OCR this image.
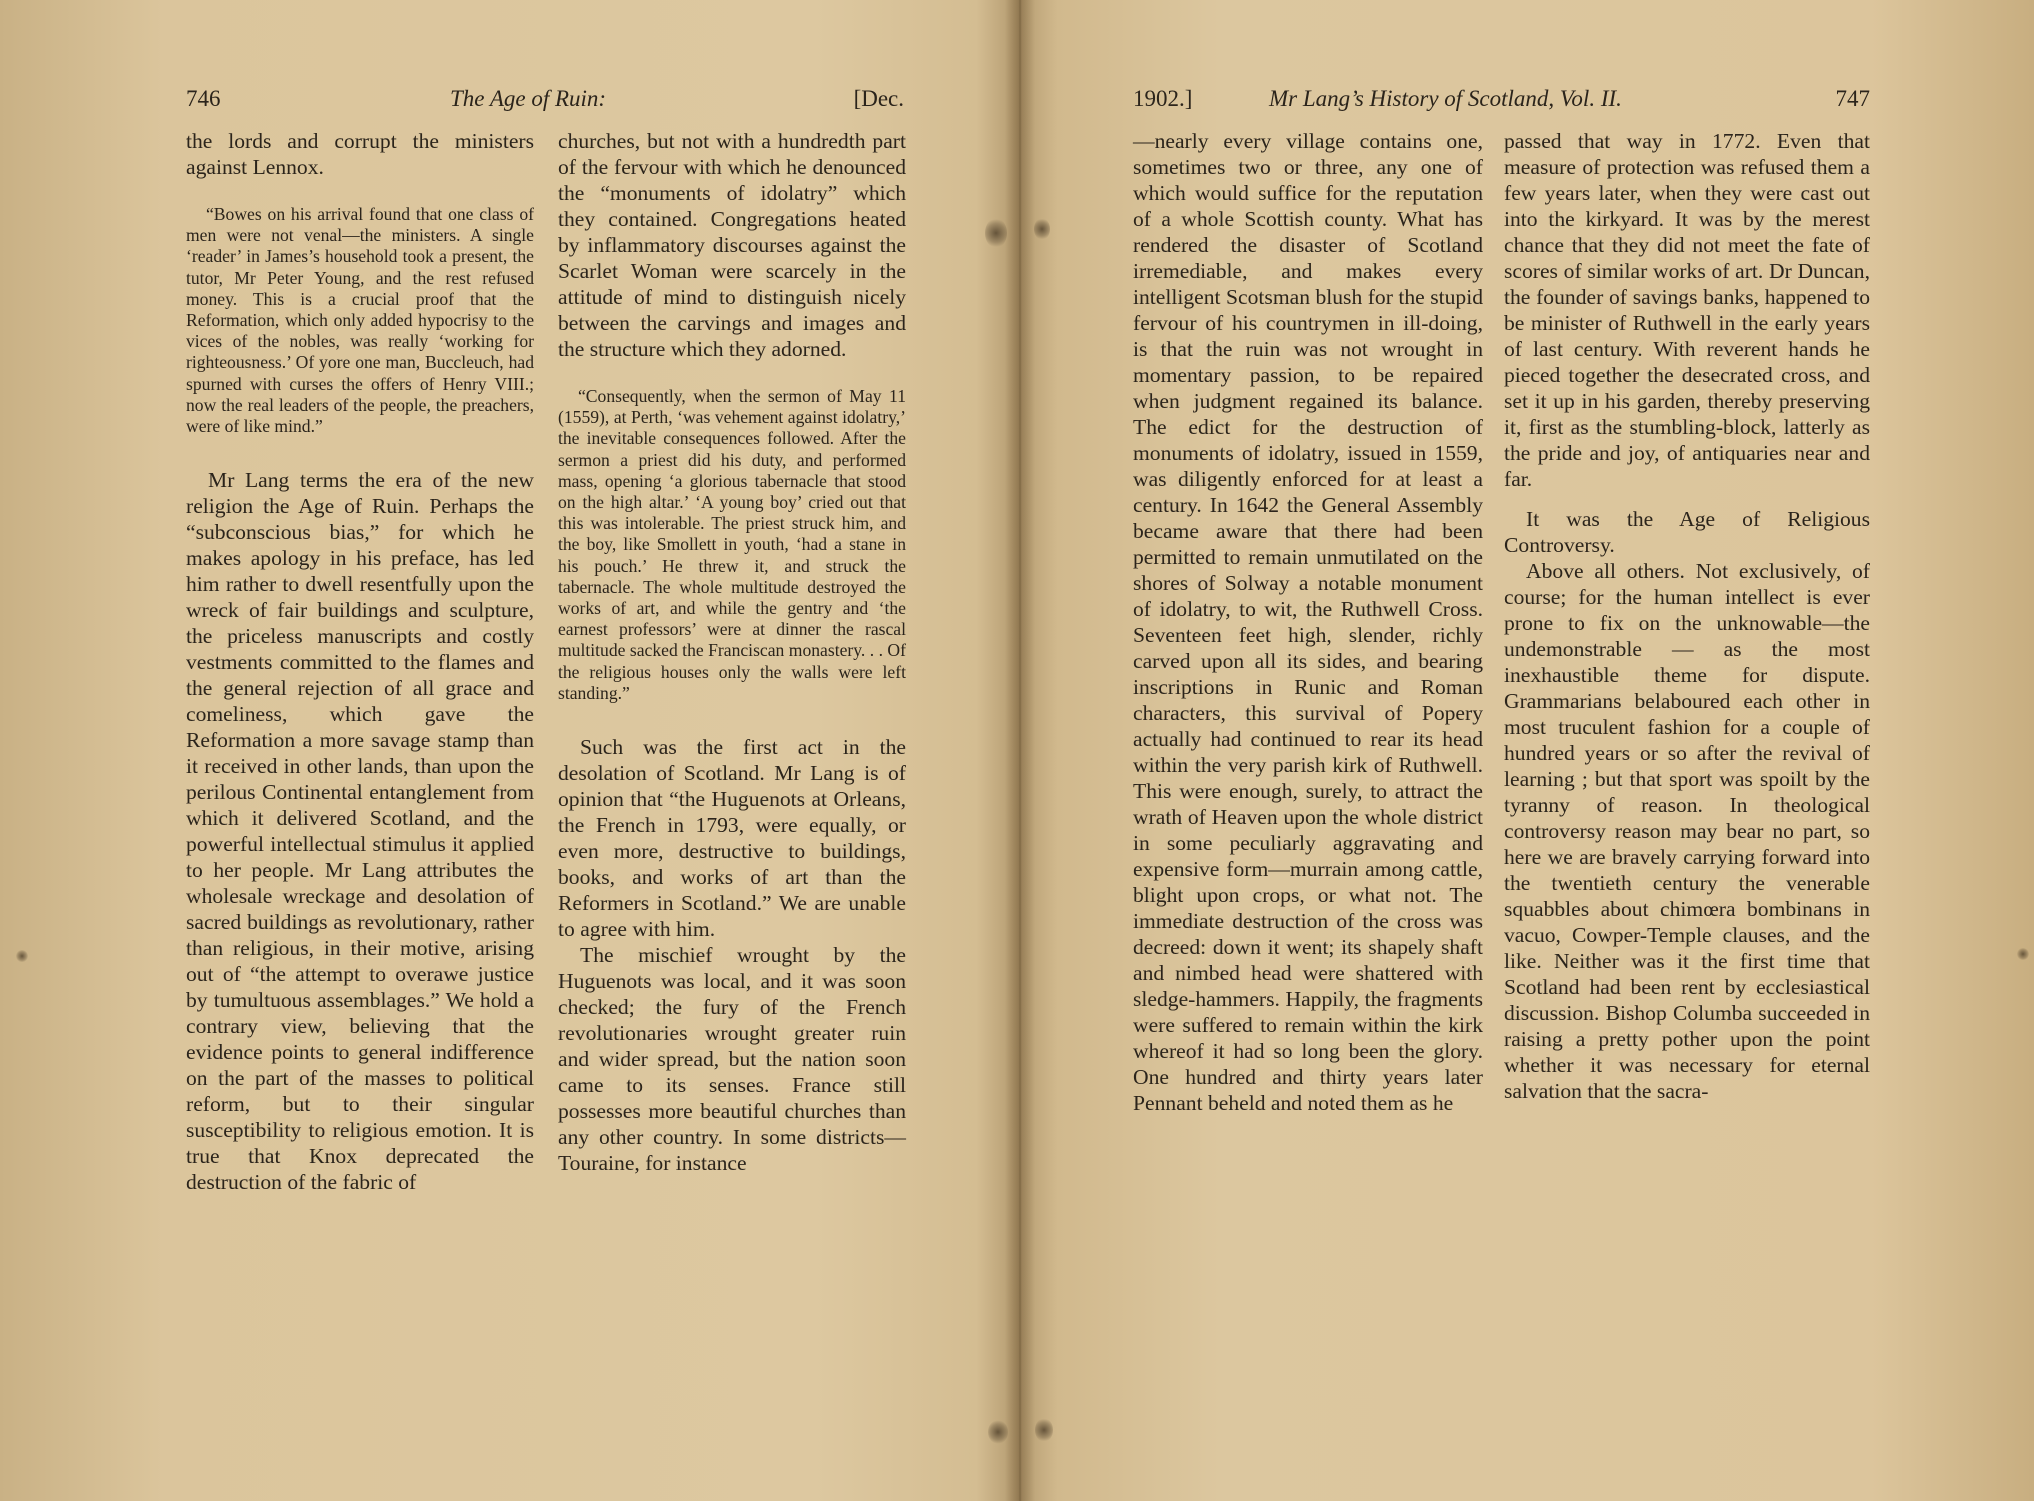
746	The Age of Ruin:	[Dec.

the lords and corrupt the ministers against Lennox.

“Bowes on his arrival found that one class of men were not venal—the ministers. A single ‘reader’ in James’s household took a present, the tutor, Mr Peter Young, and the rest refused money. This is a crucial proof that the Reformation, which only added hypocrisy to the vices of the nobles, was really ‘working for righteousness.’ Of yore one man, Buccleuch, had spurned with curses the offers of Henry VIII.; now the real leaders of the people, the preachers, were of like mind.”

Mr Lang terms the era of the new religion the Age of Ruin. Perhaps the “subconscious bias,” for which he makes apology in his preface, has led him rather to dwell resentfully upon the wreck of fair buildings and sculpture, the priceless manuscripts and costly vestments committed to the flames and the general rejection of all grace and comeliness, which gave the Reformation a more savage stamp than it received in other lands, than upon the perilous Continental entanglement from which it delivered Scotland, and the powerful intellectual stimulus it applied to her people. Mr Lang attributes the wholesale wreckage and desolation of sacred buildings as revolutionary, rather than religious, in their motive, arising out of “the attempt to overawe justice by tumultuous assemblages.” We hold a contrary view, believing that the evidence points to general indifference on the part of the masses to political reform, but to their singular susceptibility to religious emotion. It is true that Knox deprecated the destruction of the fabric of

churches, but not with a hundredth part of the fervour with which he denounced the “monuments of idolatry” which they contained. Congregations heated by inflammatory discourses against the Scarlet Woman were scarcely in the attitude of mind to distinguish nicely between the carvings and images and the structure which they adorned.

“Consequently, when the sermon of May 11 (1559), at Perth, ‘was vehement against idolatry,’ the inevitable consequences followed. After the sermon a priest did his duty, and performed mass, opening ‘a glorious tabernacle that stood on the high altar.’ ‘A young boy’ cried out that this was intolerable. The priest struck him, and the boy, like Smollett in youth, ‘had a stane in his pouch.’ He threw it, and struck the tabernacle. The whole multitude destroyed the works of art, and while the gentry and ‘the earnest professors’ were at dinner the rascal multitude sacked the Franciscan monastery. . . Of the religious houses only the walls were left standing.”

Such was the first act in the desolation of Scotland. Mr Lang is of opinion that “the Huguenots at Orleans, the French in 1793, were equally, or even more, destructive to buildings, books, and works of art than the Reformers in Scotland.” We are unable to agree with him.

The mischief wrought by the Huguenots was local, and it was soon checked; the fury of the French revolutionaries wrought greater ruin and wider spread, but the nation soon came to its senses. France still possesses more beautiful churches than any other country. In some districts—Touraine, for instance

1902.]	Mr Lang’s History of Scotland, Vol. II.	747

—nearly every village contains one, sometimes two or three, any one of which would suffice for the reputation of a whole Scottish county. What has rendered the disaster of Scotland irremediable, and makes every intelligent Scotsman blush for the stupid fervour of his countrymen in ill-doing, is that the ruin was not wrought in momentary passion, to be repaired when judgment regained its balance. The edict for the destruction of monuments of idolatry, issued in 1559, was diligently enforced for at least a century. In 1642 the General Assembly became aware that there had been permitted to remain unmutilated on the shores of Solway a notable monument of idolatry, to wit, the Ruthwell Cross. Seventeen feet high, slender, richly carved upon all its sides, and bearing inscriptions in Runic and Roman characters, this survival of Popery actually had continued to rear its head within the very parish kirk of Ruthwell. This were enough, surely, to attract the wrath of Heaven upon the whole district in some peculiarly aggravating and expensive form—murrain among cattle, blight upon crops, or what not. The immediate destruction of the cross was decreed: down it went; its shapely shaft and nimbed head were shattered with sledge-hammers. Happily, the fragments were suffered to remain within the kirk whereof it had so long been the glory. One hundred and thirty years later Pennant beheld and noted them as he

passed that way in 1772. Even that measure of protection was refused them a few years later, when they were cast out into the kirkyard. It was by the merest chance that they did not meet the fate of scores of similar works of art. Dr Duncan, the founder of savings banks, happened to be minister of Ruthwell in the early years of last century. With reverent hands he pieced together the desecrated cross, and set it up in his garden, thereby preserving it, first as the stumbling-block, latterly as the pride and joy, of antiquaries near and far.

It was the Age of Religious Controversy.

Above all others. Not exclusively, of course; for the human intellect is ever prone to fix on the unknowable—the undemonstrable — as the most inexhaustible theme for dispute. Grammarians belaboured each other in most truculent fashion for a couple of hundred years or so after the revival of learning ; but that sport was spoilt by the tyranny of reason. In theological controversy reason may bear no part, so here we are bravely carrying forward into the twentieth century the venerable squabbles about chimœra bombinans in vacuo, Cowper-Temple clauses, and the like. Neither was it the first time that Scotland had been rent by ecclesiastical discussion. Bishop Columba succeeded in raising a pretty pother upon the point whether it was necessary for eternal salvation that the sacra-
